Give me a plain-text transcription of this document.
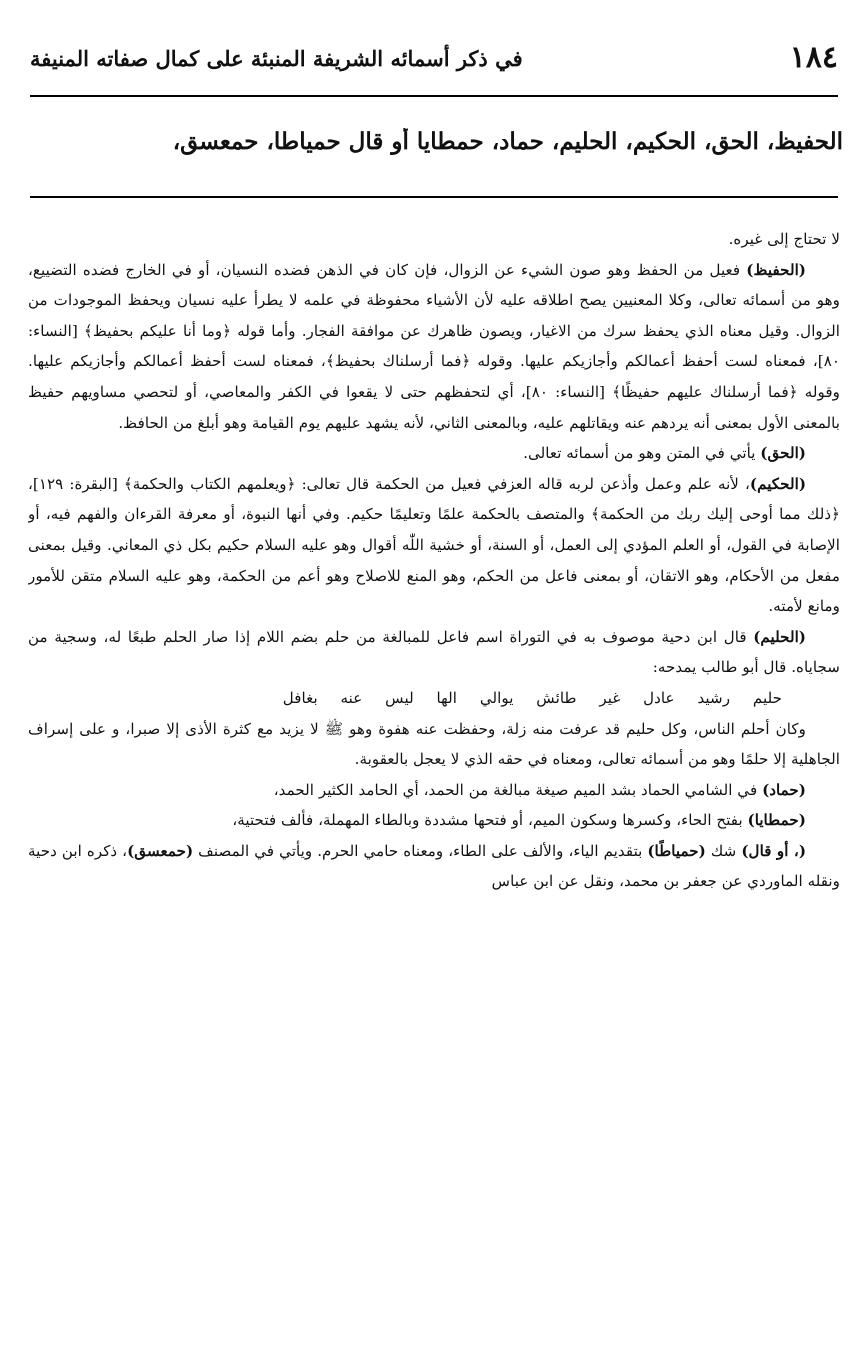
١٨٤
في ذكر أسمائه الشريفة المنبئة على كمال صفاته المنيفة
الحفيظ، الحق، الحكيم، الحليم، حماد، حمطايا أو قال حمياطا، حمعسق،

لا تحتاج إلى غيره.

(الحفيظ) فعيل من الحفظ وهو صون الشيء عن الزوال، فإن كان في الذهن فضده النسيان، أو في الخارج فضده التضييع، وهو من أسمائه تعالى، وكلا المعنيين يصح اطلاقه عليه لأن الأشياء محفوظة في علمه لا يطرأ عليه نسيان ويحفظ الموجودات من الزوال. وقيل معناه الذي يحفظ سرك من الاغيار، ويصون ظاهرك عن موافقة الفجار. وأما قوله ﴿وما أنا عليكم بحفيظ﴾ [النساء: ٨٠]، فمعناه لست أحفظ أعمالكم وأجازيكم عليها. وقوله ﴿فما أرسلناك بحفيظ﴾، فمعناه لست أحفظ أعمالكم وأجازيكم عليها. وقوله ﴿فما أرسلناك عليهم حفيظًا﴾ [النساء: ٨٠]، أي لتحفظهم حتى لا يقعوا في الكفر والمعاصي، أو لتحصي مساويهم حفيظ بالمعنى الأول بمعنى أنه يردهم عنه ويقاتلهم عليه، وبالمعنى الثاني، لأنه يشهد عليهم يوم القيامة وهو أبلغ من الحافظ.

(الحق) يأتي في المتن وهو من أسمائه تعالى.

(الحكيم)، لأنه علم وعمل وأذعن لربه قاله العزفي فعيل من الحكمة قال تعالى: ﴿ويعلمهم الكتاب والحكمة﴾ [البقرة: ١٢٩]، ﴿ذلك مما أوحى إليك ربك من الحكمة﴾ والمتصف بالحكمة علمًا وتعليمًا حكيم. وفي أنها النبوة، أو معرفة القرءان والفهم فيه، أو الإصابة في القول، أو العلم المؤدي إلى العمل، أو السنة، أو خشية اللّٰه أقوال وهو عليه السلام حكيم بكل ذي المعاني. وقيل بمعنى مفعل من الأحكام، وهو الاتقان، أو بمعنى فاعل من الحكم، وهو المنع للاصلاح وهو أعم من الحكمة، وهو عليه السلام متقن للأمور ومانع لأمته.

(الحليم) قال ابن دحية موصوف به في التوراة اسم فاعل للمبالغة من حلم بضم اللام إذا صار الحلم طبعًا له، وسجية من سجاياه. قال أبو طالب يمدحه:

حليم رشيد عادل غير طائش يوالي الها ليس عنه بغافل

وكان أحلم الناس، وكل حليم قد عرفت منه زلة، وحفظت عنه هفوة وهو ﷺ لا يزيد مع كثرة الأذى إلا صبرا، و على إسراف الجاهلية إلا حلمًا وهو من أسمائه تعالى، ومعناه في حقه الذي لا يعجل بالعقوبة.

(حماد) في الشامي الحماد بشد الميم صيغة مبالغة من الحمد، أي الحامد الكثير الحمد،

(حمطايا) بفتح الحاء، وكسرها وسكون الميم، أو فتحها مشددة وبالطاء المهملة، فألف فتحتية،

(، أو قال) شك (حمياطًا) بتقديم الياء، والألف على الطاء، ومعناه حامي الحرم. ويأتي في المصنف (حمعسق)، ذكره ابن دحية ونقله الماوردي عن جعفر بن محمد، ونقل عن ابن عباس
